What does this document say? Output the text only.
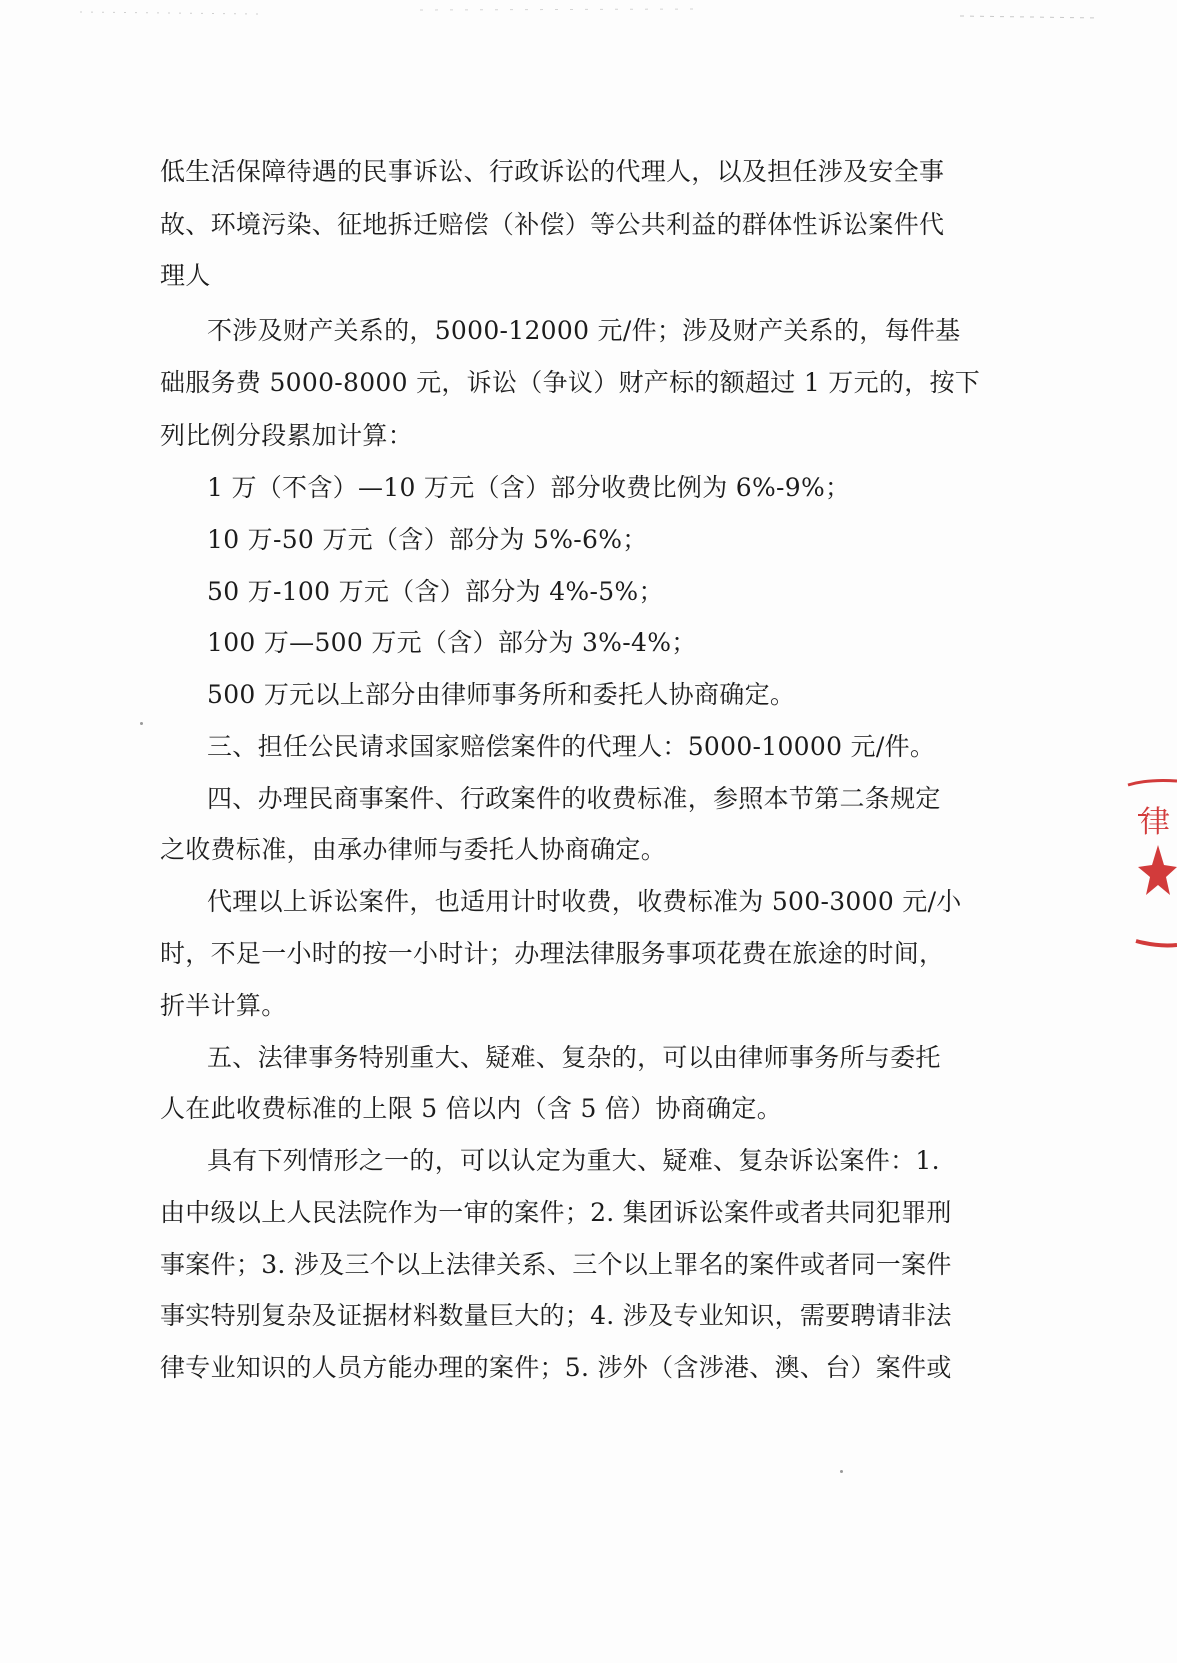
低生活保障待遇的民事诉讼、行政诉讼的代理人，以及担任涉及安全事
故、环境污染、征地拆迁赔偿（补偿）等公共利益的群体性诉讼案件代
理人
不涉及财产关系的，5000-12000 元/件；涉及财产关系的，每件基
础服务费 5000-8000 元，诉讼（争议）财产标的额超过 1 万元的，按下
列比例分段累加计算：
1 万（不含）—10 万元（含）部分收费比例为 6%-9%；
10 万-50 万元（含）部分为 5%-6%；
50 万-100 万元（含）部分为 4%-5%；
100 万—500 万元（含）部分为 3%-4%；
500 万元以上部分由律师事务所和委托人协商确定。
三、担任公民请求国家赔偿案件的代理人：5000-10000 元/件。
四、办理民商事案件、行政案件的收费标准，参照本节第二条规定
之收费标准，由承办律师与委托人协商确定。
代理以上诉讼案件，也适用计时收费，收费标准为 500-3000 元/小
时，不足一小时的按一小时计；办理法律服务事项花费在旅途的时间，
折半计算。
五、法律事务特别重大、疑难、复杂的，可以由律师事务所与委托
人在此收费标准的上限 5 倍以内（含 5 倍）协商确定。
具有下列情形之一的，可以认定为重大、疑难、复杂诉讼案件：1.
由中级以上人民法院作为一审的案件；2. 集团诉讼案件或者共同犯罪刑
事案件；3. 涉及三个以上法律关系、三个以上罪名的案件或者同一案件
事实特别复杂及证据材料数量巨大的；4. 涉及专业知识，需要聘请非法
律专业知识的人员方能办理的案件；5. 涉外（含涉港、澳、台）案件或
律
